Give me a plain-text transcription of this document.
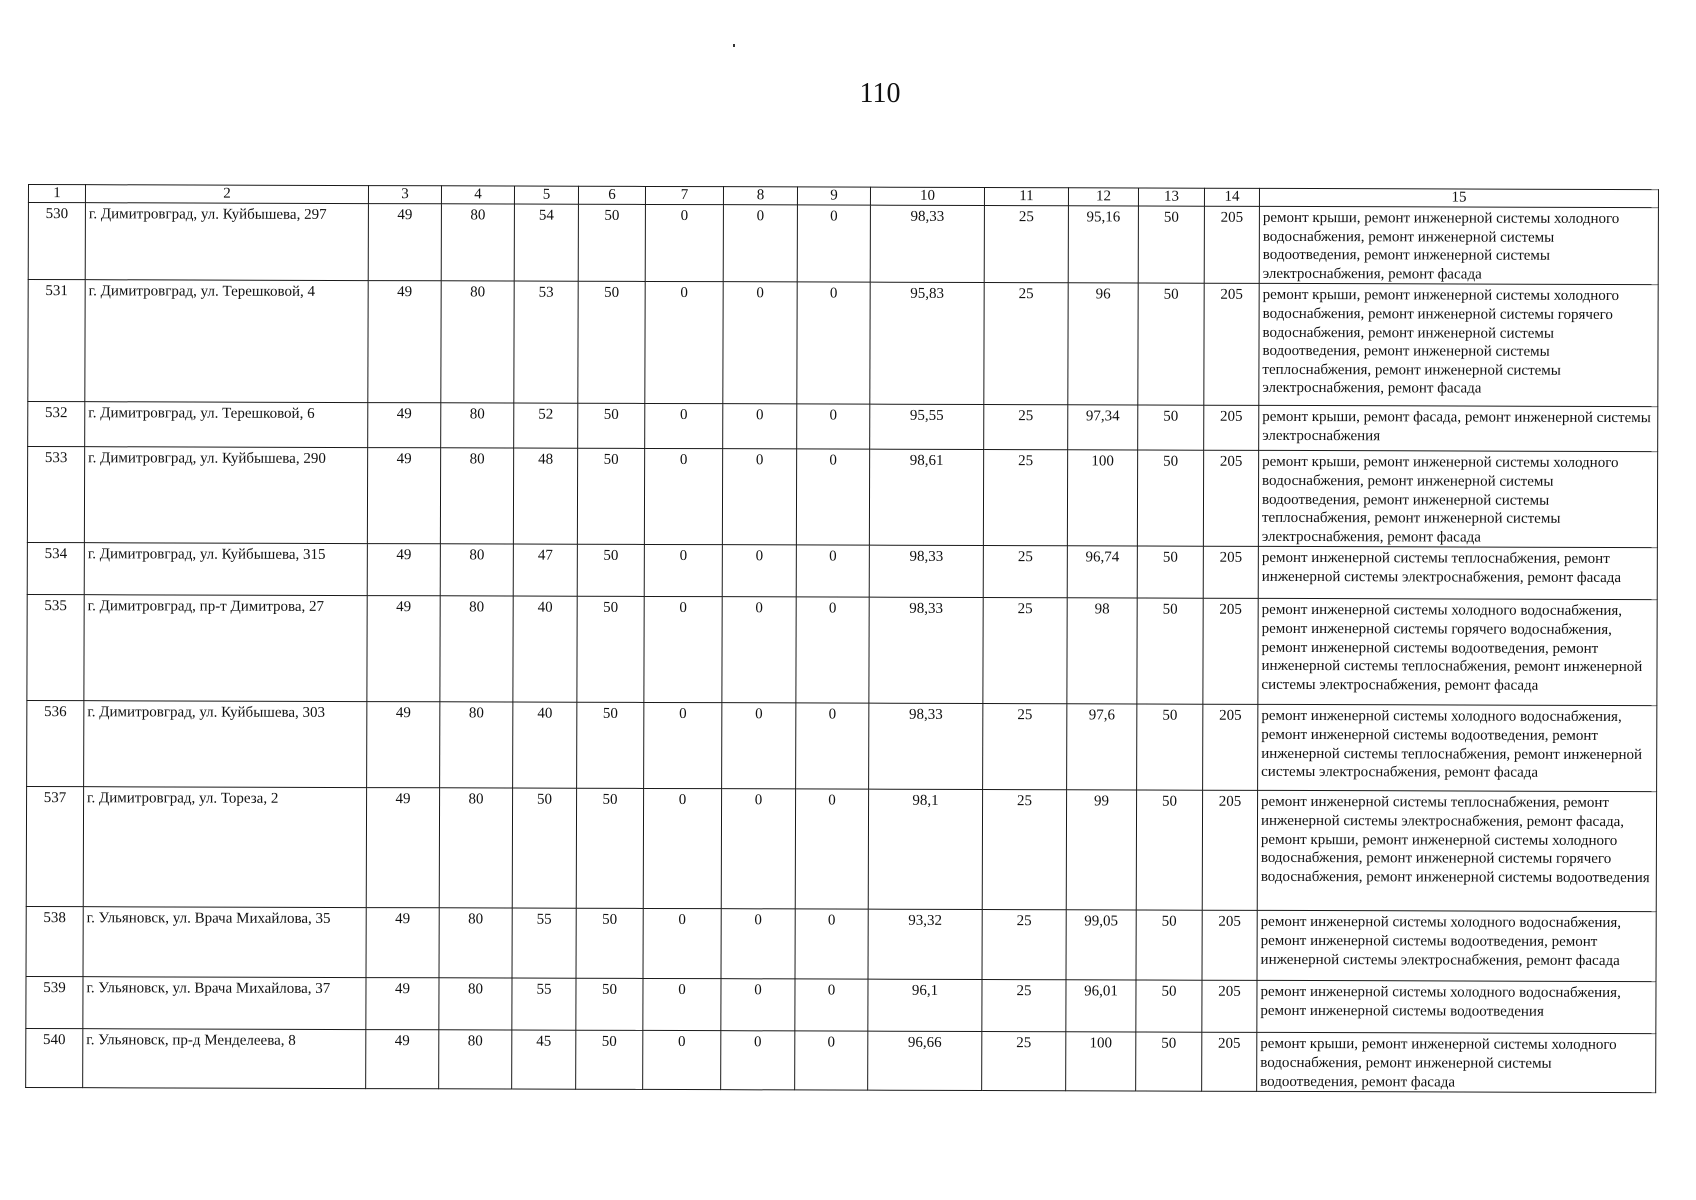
110
1	2	3	4	5	6	7	8	9	10	11	12	13	14	15
530	г. Димитровград, ул. Куйбышева, 297	49	80	54	50	0	0	0	98,33	25	95,16	50	205	ремонт крыши, ремонт инженерной системы холодного водоснабжения, ремонт инженерной системы водоотведения, ремонт инженерной системы электроснабжения, ремонт фасада
531	г. Димитровград, ул. Терешковой, 4	49	80	53	50	0	0	0	95,83	25	96	50	205	ремонт крыши, ремонт инженерной системы холодного водоснабжения, ремонт инженерной системы горячего водоснабжения, ремонт инженерной системы водоотведения, ремонт инженерной системы теплоснабжения, ремонт инженерной системы электроснабжения, ремонт фасада
532	г. Димитровград, ул. Терешковой, 6	49	80	52	50	0	0	0	95,55	25	97,34	50	205	ремонт крыши, ремонт фасада, ремонт инженерной системы электроснабжения
533	г. Димитровград, ул. Куйбышева, 290	49	80	48	50	0	0	0	98,61	25	100	50	205	ремонт крыши, ремонт инженерной системы холодного водоснабжения, ремонт инженерной системы водоотведения, ремонт инженерной системы теплоснабжения, ремонт инженерной системы электроснабжения, ремонт фасада
534	г. Димитровград, ул. Куйбышева, 315	49	80	47	50	0	0	0	98,33	25	96,74	50	205	ремонт инженерной системы теплоснабжения, ремонт инженерной системы электроснабжения, ремонт фасада
535	г. Димитровград, пр-т Димитрова, 27	49	80	40	50	0	0	0	98,33	25	98	50	205	ремонт инженерной системы холодного водоснабжения, ремонт инженерной системы горячего водоснабжения, ремонт инженерной системы водоотведения, ремонт инженерной системы теплоснабжения, ремонт инженерной системы электроснабжения, ремонт фасада
536	г. Димитровград, ул. Куйбышева, 303	49	80	40	50	0	0	0	98,33	25	97,6	50	205	ремонт инженерной системы холодного водоснабжения, ремонт инженерной системы водоотведения, ремонт инженерной системы теплоснабжения, ремонт инженерной системы электроснабжения, ремонт фасада
537	г. Димитровград, ул. Тореза, 2	49	80	50	50	0	0	0	98,1	25	99	50	205	ремонт инженерной системы теплоснабжения, ремонт инженерной системы электроснабжения, ремонт фасада, ремонт крыши, ремонт инженерной системы холодного водоснабжения, ремонт инженерной системы горячего водоснабжения, ремонт инженерной системы водоотведения
538	г. Ульяновск, ул. Врача Михайлова, 35	49	80	55	50	0	0	0	93,32	25	99,05	50	205	ремонт инженерной системы холодного водоснабжения, ремонт инженерной системы водоотведения, ремонт инженерной системы электроснабжения, ремонт фасада
539	г. Ульяновск, ул. Врача Михайлова, 37	49	80	55	50	0	0	0	96,1	25	96,01	50	205	ремонт инженерной системы холодного водоснабжения, ремонт инженерной системы водоотведения
540	г. Ульяновск, пр-д Менделеева, 8	49	80	45	50	0	0	0	96,66	25	100	50	205	ремонт крыши, ремонт инженерной системы холодного водоснабжения, ремонт инженерной системы водоотведения, ремонт фасада
